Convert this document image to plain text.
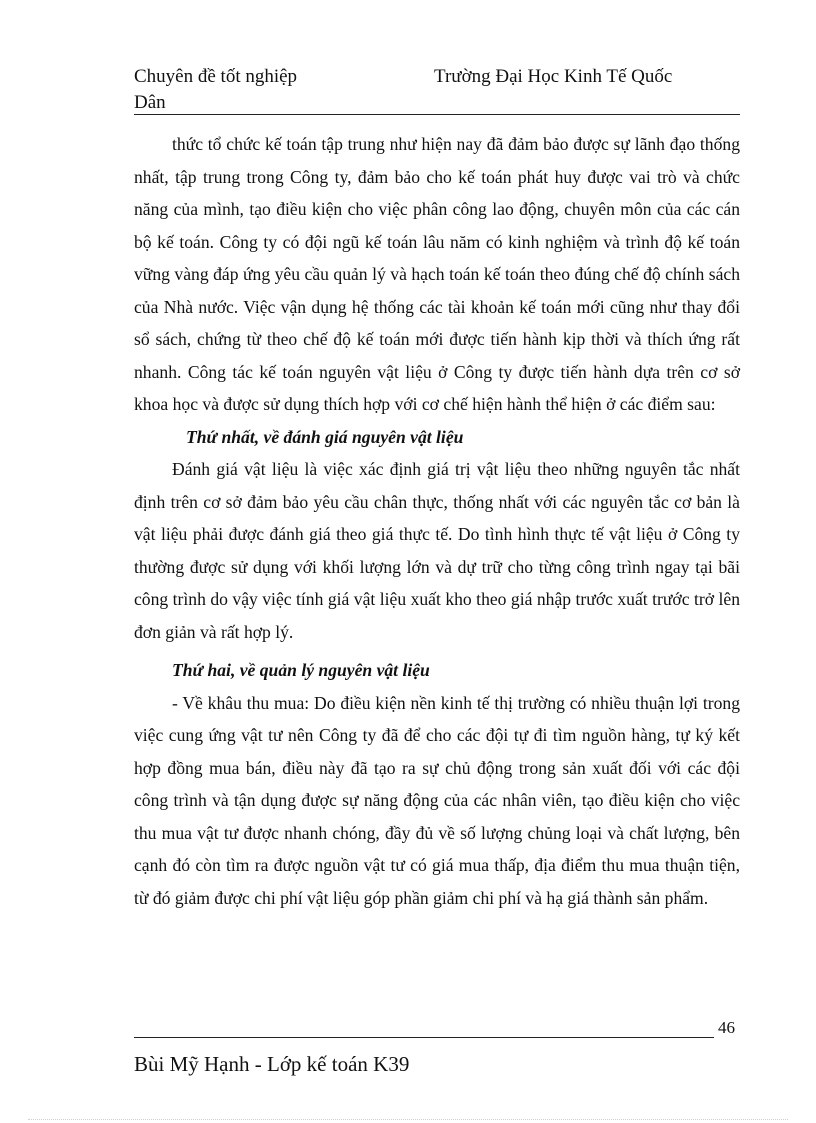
Chuyên đề tốt nghiệp	Trường Đại Học Kinh Tế Quốc
Dân

thức tổ chức kế toán tập trung như hiện nay đã đảm bảo được sự lãnh đạo thống nhất, tập trung trong Công ty, đảm bảo cho kế toán phát huy được vai trò và chức năng của mình, tạo điều kiện cho việc phân công lao động, chuyên môn của các cán bộ kế toán. Công ty có đội ngũ kế toán lâu năm có kinh nghiệm và trình độ kế toán vững vàng đáp ứng yêu cầu quản lý và hạch toán kế toán theo đúng chế độ chính sách của Nhà nước. Việc vận dụng hệ thống các tài khoản kế toán mới cũng như thay đổi sổ sách, chứng từ theo chế độ kế toán mới được tiến hành kịp thời và thích ứng rất nhanh. Công tác kế toán nguyên vật liệu ở Công ty được tiến hành dựa trên cơ sở khoa học và được sử dụng thích hợp với cơ chế hiện hành thể hiện ở các điểm sau:

Thứ nhất, về đánh giá nguyên vật liệu

Đánh giá vật liệu là việc xác định giá trị vật liệu theo những nguyên tắc nhất định trên cơ sở đảm bảo yêu cầu chân thực, thống nhất với các nguyên tắc cơ bản là vật liệu phải được đánh giá theo giá thực tế. Do tình hình thực tế vật liệu ở Công ty thường được sử dụng với khối lượng lớn và dự trữ cho từng công trình ngay tại bãi công trình do vậy việc tính giá vật liệu xuất kho theo giá nhập trước xuất trước trở lên đơn giản và rất hợp lý.

Thứ hai, về quản lý nguyên vật liệu

- Về khâu thu mua: Do điều kiện nền kinh tế thị trường có nhiều thuận lợi trong việc cung ứng vật tư nên Công ty đã để cho các đội tự đi tìm nguồn hàng, tự ký kết hợp đồng mua bán, điều này đã tạo ra sự chủ động trong sản xuất đối với các đội công trình và tận dụng được sự năng động của các nhân viên, tạo điều kiện cho việc thu mua vật tư được nhanh chóng, đầy đủ về số lượng chủng loại và chất lượng, bên cạnh đó còn tìm ra được nguồn vật tư có giá mua thấp, địa điểm thu mua thuận tiện, từ đó giảm được chi phí vật liệu góp phần giảm chi phí và hạ giá thành sản phẩm.

46
Bùi Mỹ Hạnh - Lớp kế toán K39
